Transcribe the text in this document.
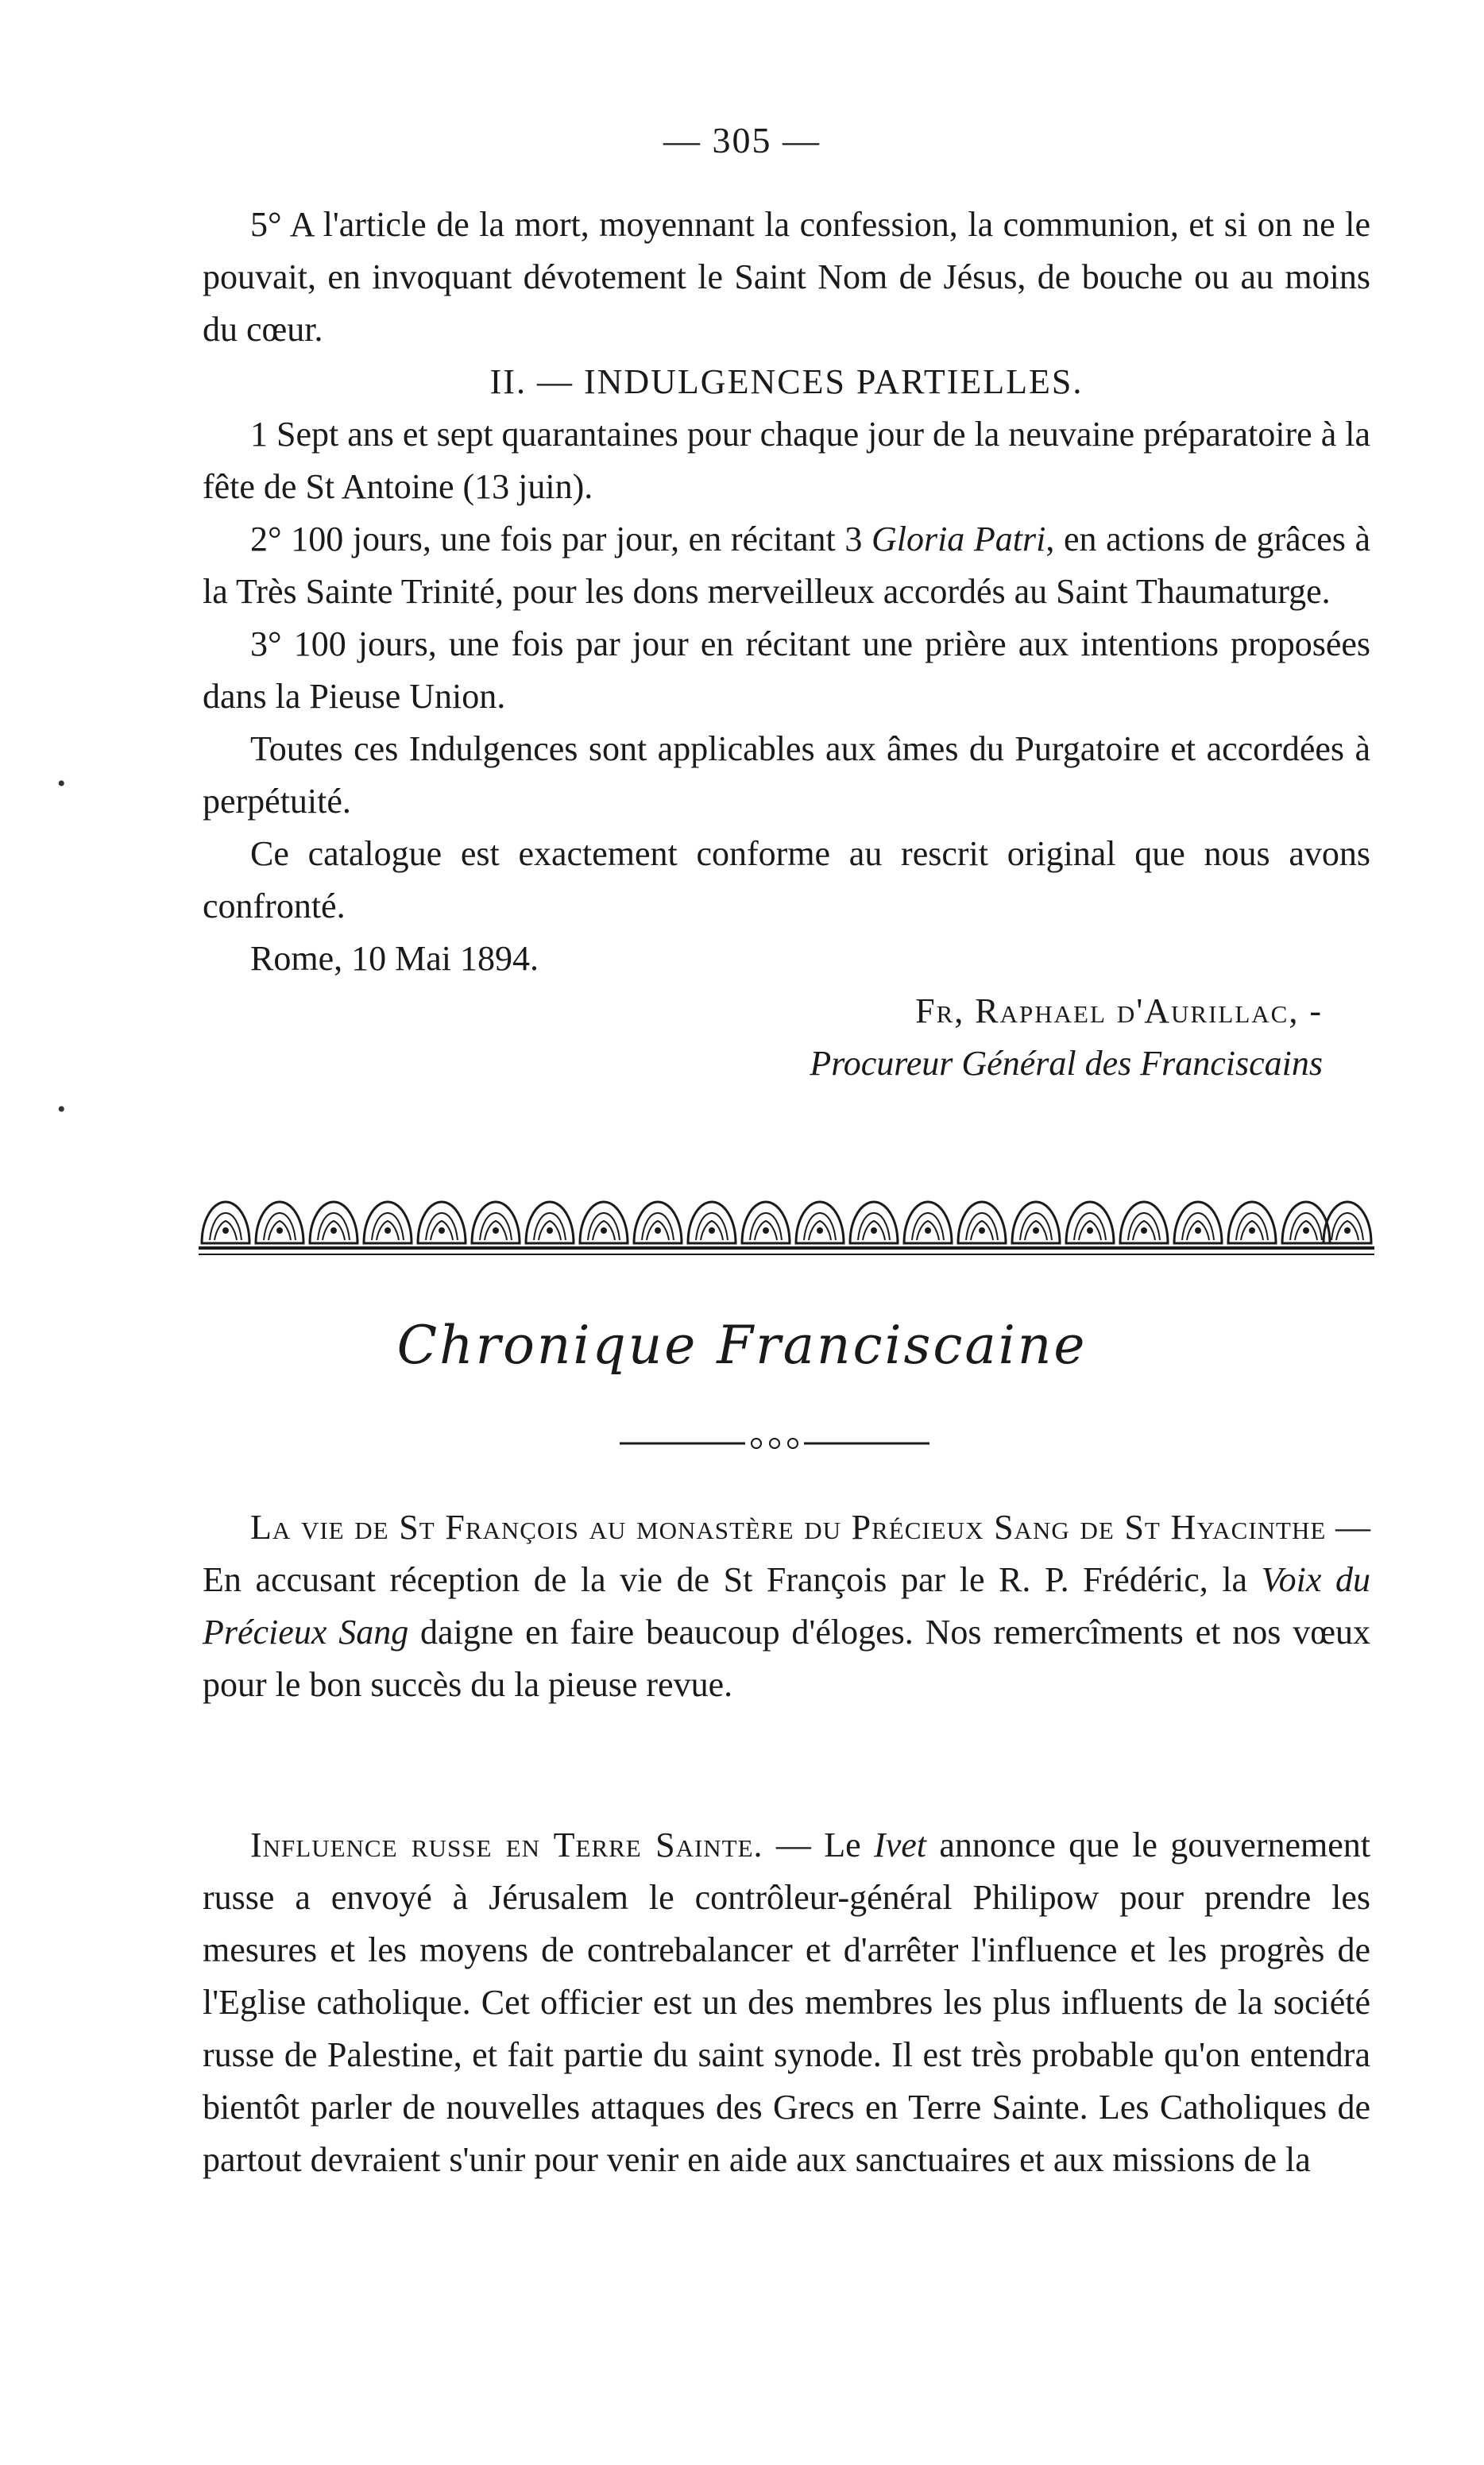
— 305 —

5° A l'article de la mort, moyennant la confession, la communion, et si on ne le pouvait, en invoquant dévotement le Saint Nom de Jésus, de bouche ou au moins du cœur.

II. — INDULGENCES PARTIELLES.

1 Sept ans et sept quarantaines pour chaque jour de la neuvaine préparatoire à la fête de St Antoine (13 juin).

2° 100 jours, une fois par jour, en récitant 3 Gloria Patri, en actions de grâces à la Très Sainte Trinité, pour les dons merveilleux accordés au Saint Thaumaturge.

3° 100 jours, une fois par jour en récitant une prière aux intentions proposées dans la Pieuse Union.

Toutes ces Indulgences sont applicables aux âmes du Purgatoire et accordées à perpétuité.

Ce catalogue est exactement conforme au rescrit original que nous avons confronté.

Rome, 10 Mai 1894.

Fr, Raphael d'Aurillac, -

Procureur Général des Franciscains

Chronique Franciscaine

La vie de St François au monastère du Précieux Sang de St Hyacinthe — En accusant réception de la vie de St François par le R. P. Frédéric, la Voix du Précieux Sang daigne en faire beaucoup d'éloges. Nos remercîments et nos vœux pour le bon succès du la pieuse revue.

Influence russe en Terre Sainte. — Le Ivet annonce que le gouvernement russe a envoyé à Jérusalem le contrôleur-général Philipow pour prendre les mesures et les moyens de contrebalancer et d'arrêter l'influence et les progrès de l'Eglise catholique. Cet officier est un des membres les plus influents de la société russe de Palestine, et fait partie du saint synode. Il est très probable qu'on entendra bientôt parler de nouvelles attaques des Grecs en Terre Sainte. Les Catholiques de partout devraient s'unir pour venir en aide aux sanctuaires et aux missions de la

•
•
